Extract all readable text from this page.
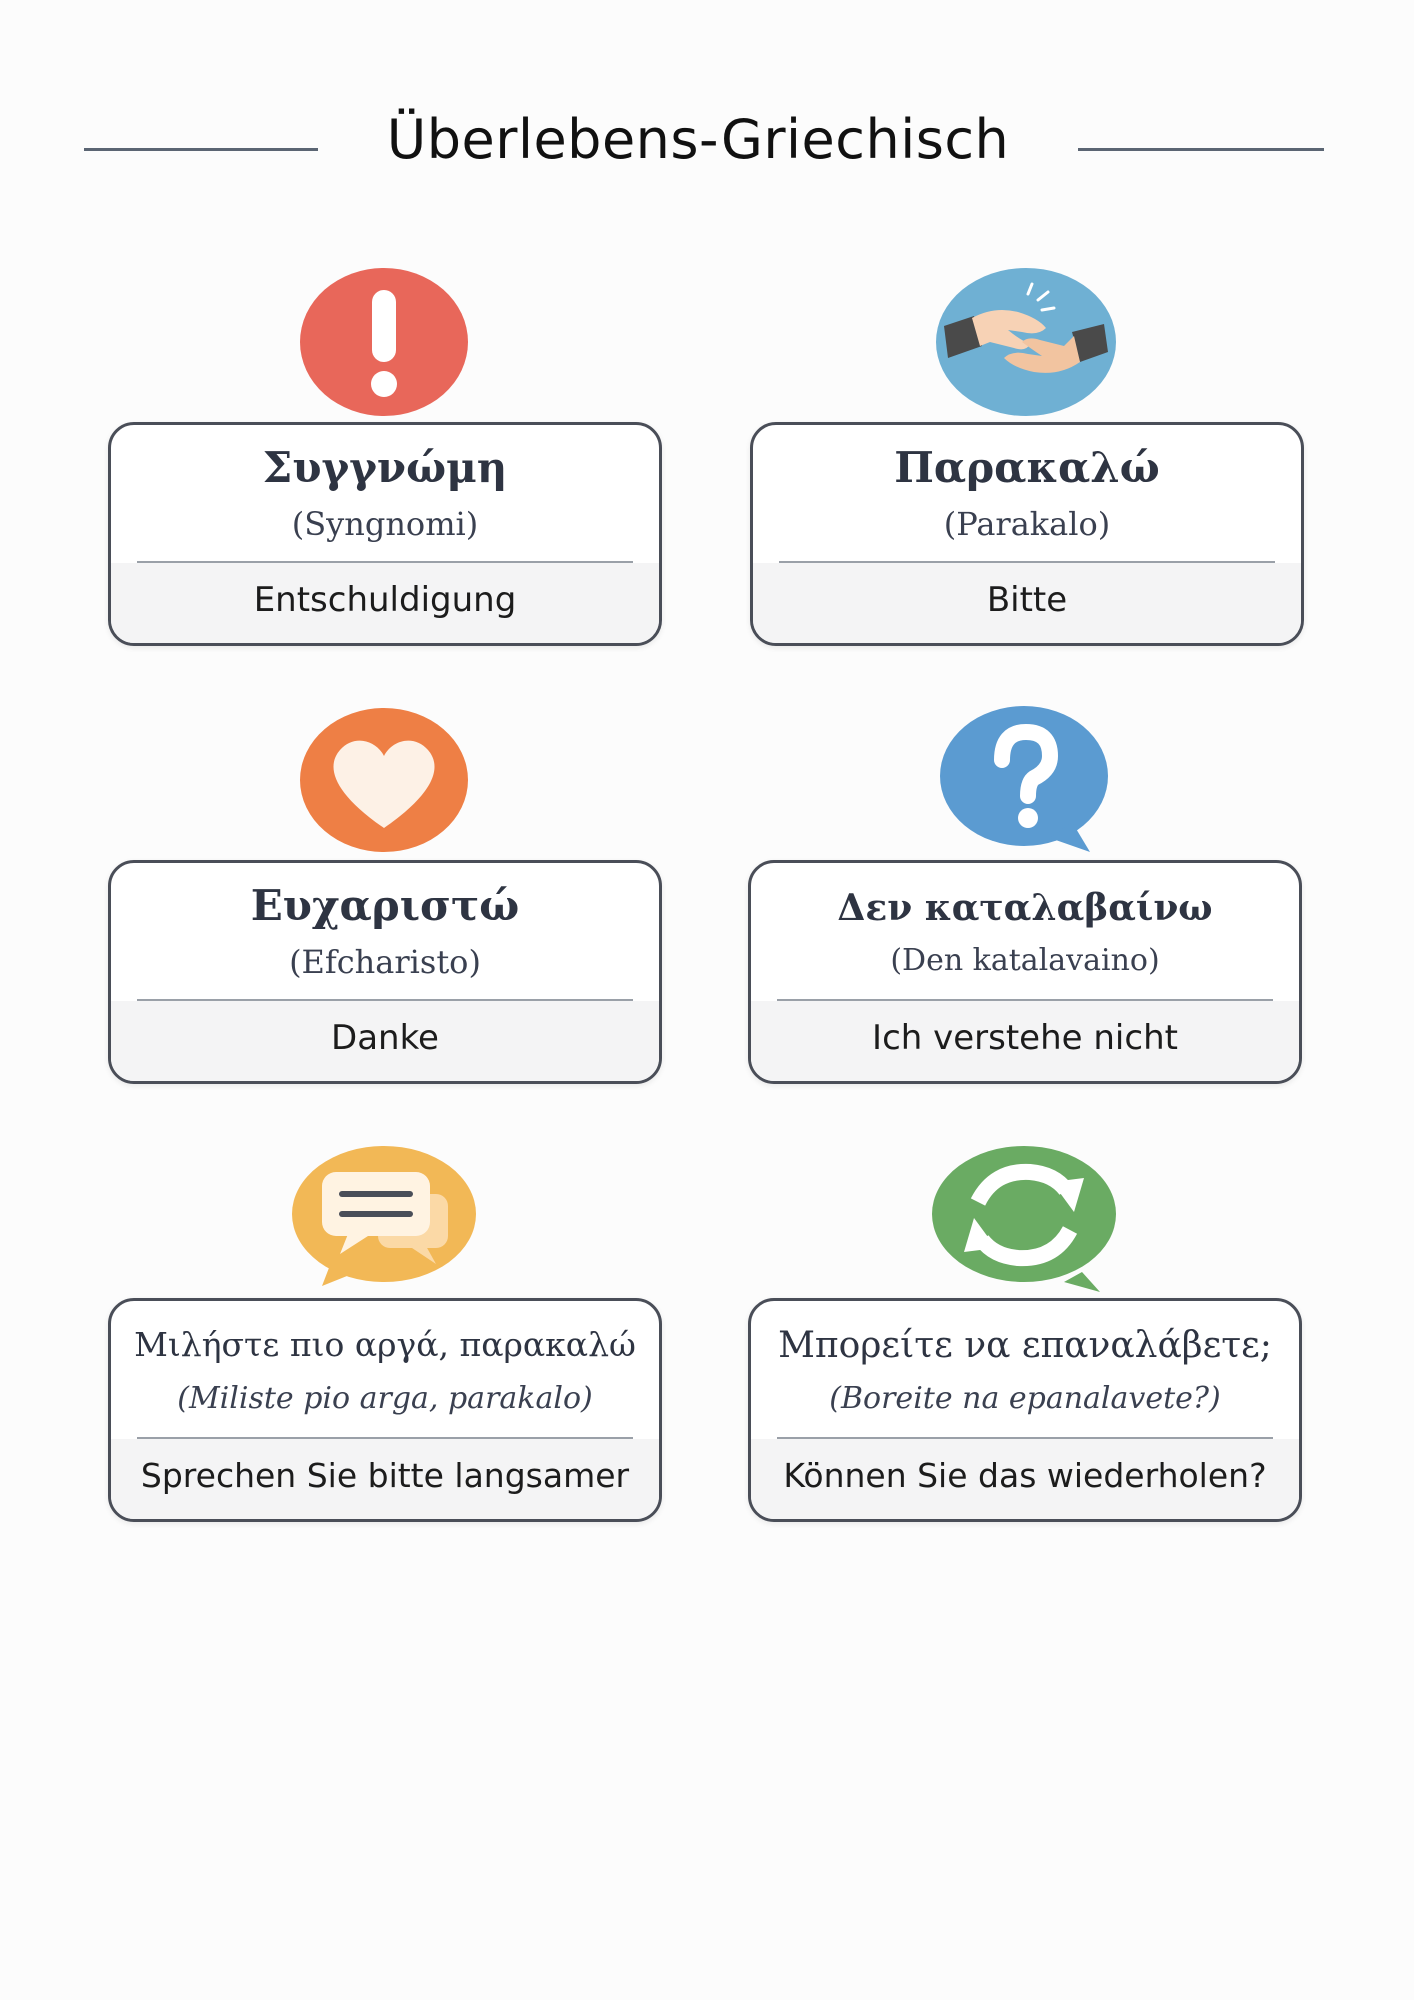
Überlebens-Griechisch
Συγγνώμη
(Syngnomi)
Entschuldigung
Παρακαλώ
(Parakalo)
Bitte
Ευχαριστώ
(Efcharisto)
Danke
Δεν καταλαβαίνω
(Den katalavaino)
Ich verstehe nicht
Μιλήστε πιο αργά, παρακαλώ
(Miliste pio arga, parakalo)
Sprechen Sie bitte langsamer
Μπορείτε να επαναλάβετε;
(Boreite na epanalavete?)
Können Sie das wiederholen?
